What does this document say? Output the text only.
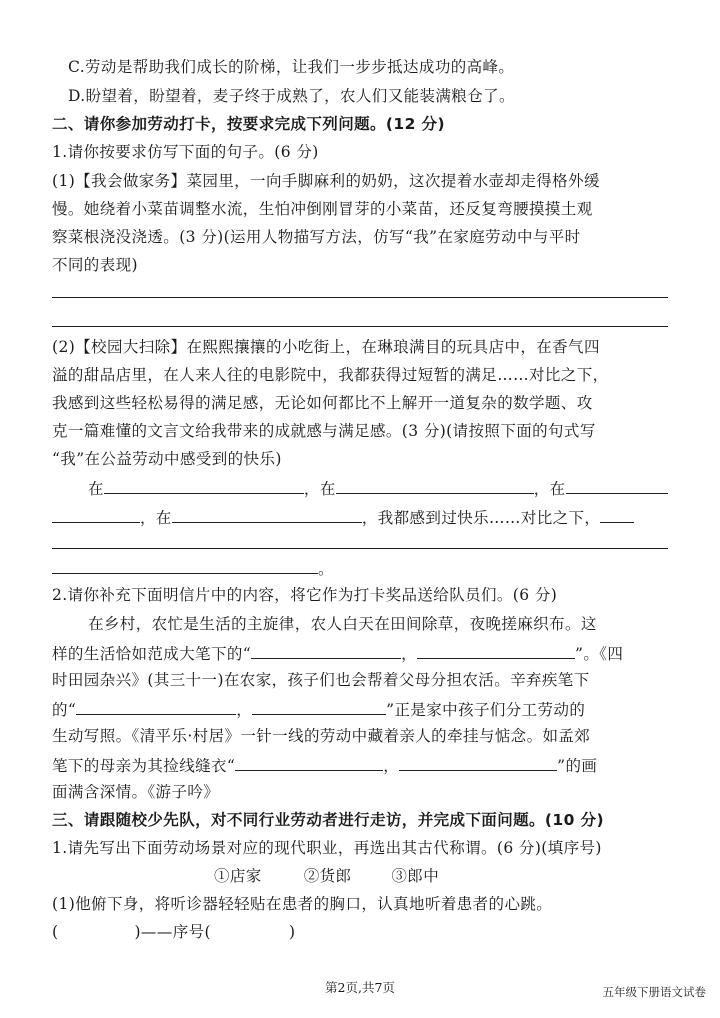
C.劳动是帮助我们成长的阶梯，让我们一步步抵达成功的高峰。
D.盼望着，盼望着，麦子终于成熟了，农人们又能装满粮仓了。
二、请你参加劳动打卡，按要求完成下列问题。(12 分)
1.请你按要求仿写下面的句子。(6 分)
(1)【我会做家务】菜园里，一向手脚麻利的奶奶，这次提着水壶却走得格外缓
慢。她绕着小菜苗调整水流，生怕冲倒刚冒芽的小菜苗，还反复弯腰摸摸土观
察菜根浇没浇透。(3 分)(运用人物描写方法，仿写“我”在家庭劳动中与平时
不同的表现)
(2)【校园大扫除】在熙熙攘攘的小吃街上，在琳琅满目的玩具店中，在香气四
溢的甜品店里，在人来人往的电影院中，我都获得过短暂的满足……对比之下，
我感到这些轻松易得的满足感，无论如何都比不上解开一道复杂的数学题、攻
克一篇难懂的文言文给我带来的成就感与满足感。(3 分)(请按照下面的句式写
“我”在公益劳动中感受到的快乐)
在	，在	，在
，在	，我都感到过快乐……对比之下，
。
2.请你补充下面明信片中的内容，将它作为打卡奖品送给队员们。(6 分)
在乡村，农忙是生活的主旋律，农人白天在田间除草，夜晚搓麻织布。这
样的生活恰如范成大笔下的“	，	”。《四
时田园杂兴》(其三十一)在农家，孩子们也会帮着父母分担农活。辛弃疾笔下
的“	，	”正是家中孩子们分工劳动的
生动写照。《清平乐·村居》一针一线的劳动中藏着亲人的牵挂与惦念。如孟郊
笔下的母亲为其捡线缝衣“	，	”的画
面满含深情。《游子吟》
三、请跟随校少先队，对不同行业劳动者进行走访，并完成下面问题。(10 分)
1.请先写出下面劳动场景对应的现代职业，再选出其古代称谓。(6 分)(填序号)
①店家	②货郎	③郎中
(1)他俯下身，将听诊器轻轻贴在患者的胸口，认真地听着患者的心跳。
(	)——序号(	)
第2页,共7页	五年级下册语文试卷
